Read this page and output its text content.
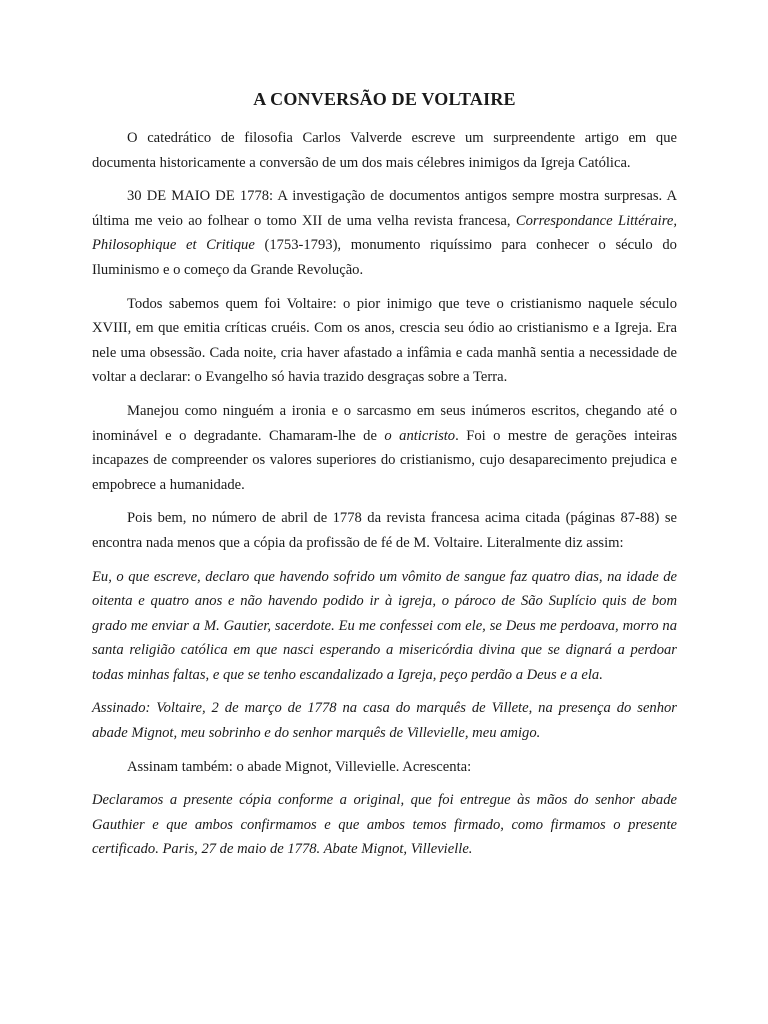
A CONVERSÃO DE VOLTAIRE

O catedrático de filosofia Carlos Valverde escreve um surpreendente artigo em que documenta historicamente a conversão de um dos mais célebres inimigos da Igreja Católica.

30 DE MAIO DE 1778: A investigação de documentos antigos sempre mostra surpresas. A última me veio ao folhear o tomo XII de uma velha revista francesa, Correspondance Littéraire, Philosophique et Critique (1753-1793), monumento riquíssimo para conhecer o século do Iluminismo e o começo da Grande Revolução.

Todos sabemos quem foi Voltaire: o pior inimigo que teve o cristianismo naquele século XVIII, em que emitia críticas cruéis. Com os anos, crescia seu ódio ao cristianismo e a Igreja. Era nele uma obsessão. Cada noite, cria haver afastado a infâmia e cada manhã sentia a necessidade de voltar a declarar: o Evangelho só havia trazido desgraças sobre a Terra.

Manejou como ninguém a ironia e o sarcasmo em seus inúmeros escritos, chegando até o inominável e o degradante. Chamaram-lhe de o anticristo. Foi o mestre de gerações inteiras incapazes de compreender os valores superiores do cristianismo, cujo desaparecimento prejudica e empobrece a humanidade.

Pois bem, no número de abril de 1778 da revista francesa acima citada (páginas 87-88) se encontra nada menos que a cópia da profissão de fé de M. Voltaire. Literalmente diz assim:

Eu, o que escreve, declaro que havendo sofrido um vômito de sangue faz quatro dias, na idade de oitenta e quatro anos e não havendo podido ir à igreja, o pároco de São Suplício quis de bom grado me enviar a M. Gautier, sacerdote. Eu me confessei com ele, se Deus me perdoava, morro na santa religião católica em que nasci esperando a misericórdia divina que se dignará a perdoar todas minhas faltas, e que se tenho escandalizado a Igreja, peço perdão a Deus e a ela.

Assinado: Voltaire, 2 de março de 1778 na casa do marquês de Villete, na presença do senhor abade Mignot, meu sobrinho e do senhor marquês de Villevielle, meu amigo.

Assinam também: o abade Mignot, Villevielle. Acrescenta:

Declaramos a presente cópia conforme a original, que foi entregue às mãos do senhor abade Gauthier e que ambos confirmamos e que ambos temos firmado, como firmamos o presente certificado. Paris, 27 de maio de 1778. Abate Mignot, Villevielle.
